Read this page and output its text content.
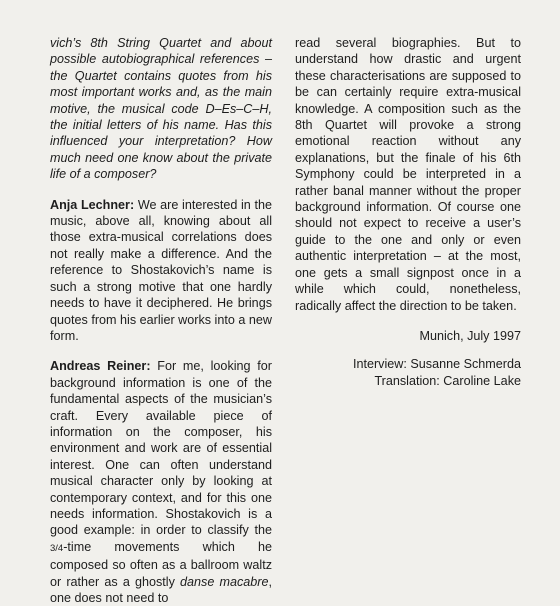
vich’s 8th String Quartet and about possible autobiographical references – the Quartet contains quotes from his most important works and, as the main motive, the musical code D–Es–C–H, the initial letters of his name. Has this influenced your interpretation? How much need one know about the private life of a composer?

Anja Lechner: We are interested in the music, above all, knowing about all those extra-musical correlations does not really make a difference. And the reference to Shostakovich’s name is such a strong motive that one hardly needs to have it deciphered. He brings quotes from his earlier works into a new form.

Andreas Reiner: For me, looking for background information is one of the fundamental aspects of the musician’s craft. Every available piece of information on the composer, his environment and work are of essential interest. One can often understand musical character only by looking at contemporary context, and for this one needs information. Shostakovich is a good example: in order to classify the 3/4-time movements which he composed so often as a ballroom waltz or rather as a ghostly danse macabre, one does not need to

read several biographies. But to understand how drastic and urgent these characterisations are supposed to be can certainly require extra-musical knowledge. A composition such as the 8th Quartet will provoke a strong emotional reaction without any explanations, but the finale of his 6th Symphony could be interpreted in a rather banal manner without the proper background information. Of course one should not expect to receive a user’s guide to the one and only or even authentic interpretation – at the most, one gets a small signpost once in a while which could, nonetheless, radically affect the direction to be taken.

Munich, July 1997

Interview: Susanne Schmerda
Translation: Caroline Lake
